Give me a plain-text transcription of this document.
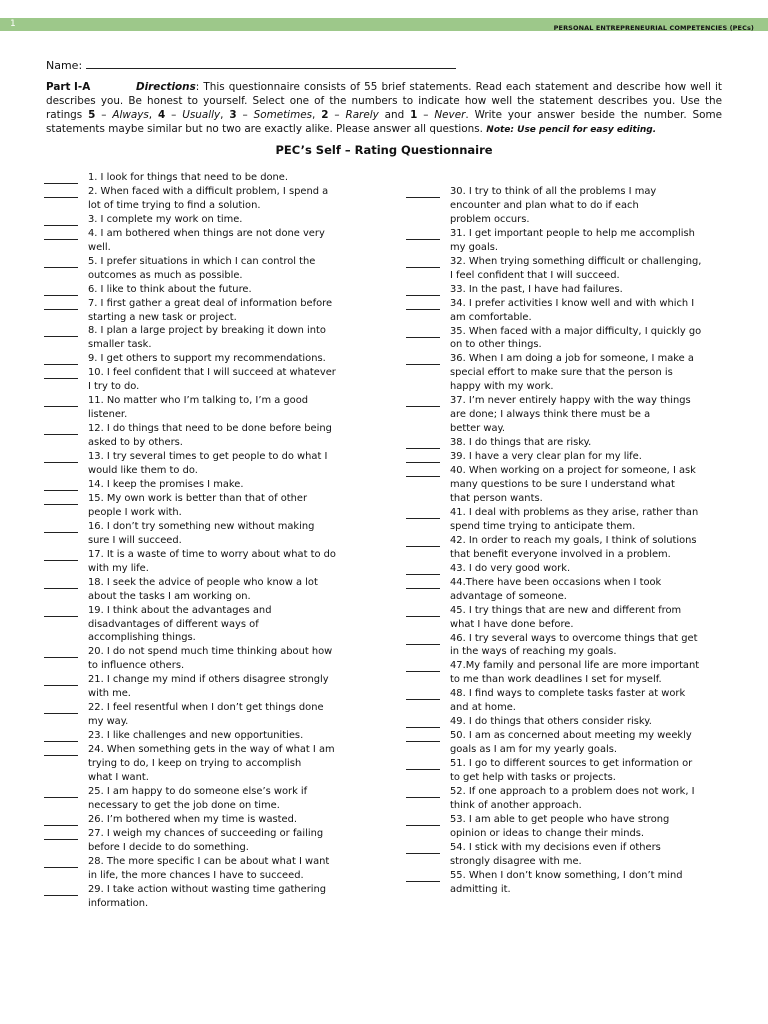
1	PERSONAL ENTREPRENEURIAL COMPETENCIES (PECs)
Name:
Part I-A	Directions: This questionnaire consists of 55 brief statements. Read each statement and describe how well it describes you. Be honest to yourself. Select one of the numbers to indicate how well the statement describes you. Use the ratings 5 – Always, 4 – Usually, 3 – Sometimes, 2 – Rarely and 1 – Never. Write your answer beside the number. Some statements maybe similar but no two are exactly alike. Please answer all questions. Note: Use pencil for easy editing.
PEC’s Self – Rating Questionnaire
1. I look for things that need to be done.
2. When faced with a difficult problem, I spend a
lot of time trying to find a solution.
3. I complete my work on time.
4. I am bothered when things are not done very
well.
5. I prefer situations in which I can control the
outcomes as much as possible.
6. I like to think about the future.
7. I first gather a great deal of information before
starting a new task or project.
8. I plan a large project by breaking it down into
smaller task.
9. I get others to support my recommendations.
10. I feel confident that I will succeed at whatever
I try to do.
11. No matter who I’m talking to, I’m a good
listener.
12. I do things that need to be done before being
asked to by others.
13. I try several times to get people to do what I
would like them to do.
14. I keep the promises I make.
15. My own work is better than that of other
people I work with.
16. I don’t try something new without making
sure I will succeed.
17. It is a waste of time to worry about what to do
with my life.
18. I seek the advice of people who know a lot
about the tasks I am working on.
19. I think about the advantages and
disadvantages of different ways of
accomplishing things.
20. I do not spend much time thinking about how
to influence others.
21. I change my mind if others disagree strongly
with me.
22. I feel resentful when I don’t get things done
my way.
23. I like challenges and new opportunities.
24. When something gets in the way of what I am
trying to do, I keep on trying to accomplish
what I want.
25. I am happy to do someone else’s work if
necessary to get the job done on time.
26. I’m bothered when my time is wasted.
27. I weigh my chances of succeeding or failing
before I decide to do something.
28. The more specific I can be about what I want
in life, the more chances I have to succeed.
29. I take action without wasting time gathering
information.
30. I try to think of all the problems I may
encounter and plan what to do if each
problem occurs.
31. I get important people to help me accomplish
my goals.
32. When trying something difficult or challenging,
I feel confident that I will succeed.
33. In the past, I have had failures.
34. I prefer activities I know well and with which I
am comfortable.
35. When faced with a major difficulty, I quickly go
on to other things.
36. When I am doing a job for someone, I make a
special effort to make sure that the person is
happy with my work.
37. I’m never entirely happy with the way things
are done; I always think there must be a
better way.
38. I do things that are risky.
39. I have a very clear plan for my life.
40. When working on a project for someone, I ask
many questions to be sure I understand what
that person wants.
41. I deal with problems as they arise, rather than
spend time trying to anticipate them.
42. In order to reach my goals, I think of solutions
that benefit everyone involved in a problem.
43. I do very good work.
44.There have been occasions when I took
advantage of someone.
45. I try things that are new and different from
what I have done before.
46. I try several ways to overcome things that get
in the ways of reaching my goals.
47.My family and personal life are more important
to me than work deadlines I set for myself.
48. I find ways to complete tasks faster at work
and at home.
49. I do things that others consider risky.
50. I am as concerned about meeting my weekly
goals as I am for my yearly goals.
51. I go to different sources to get information or
to get help with tasks or projects.
52. If one approach to a problem does not work, I
think of another approach.
53. I am able to get people who have strong
opinion or ideas to change their minds.
54. I stick with my decisions even if others
strongly disagree with me.
55. When I don’t know something, I don’t mind
admitting it.
